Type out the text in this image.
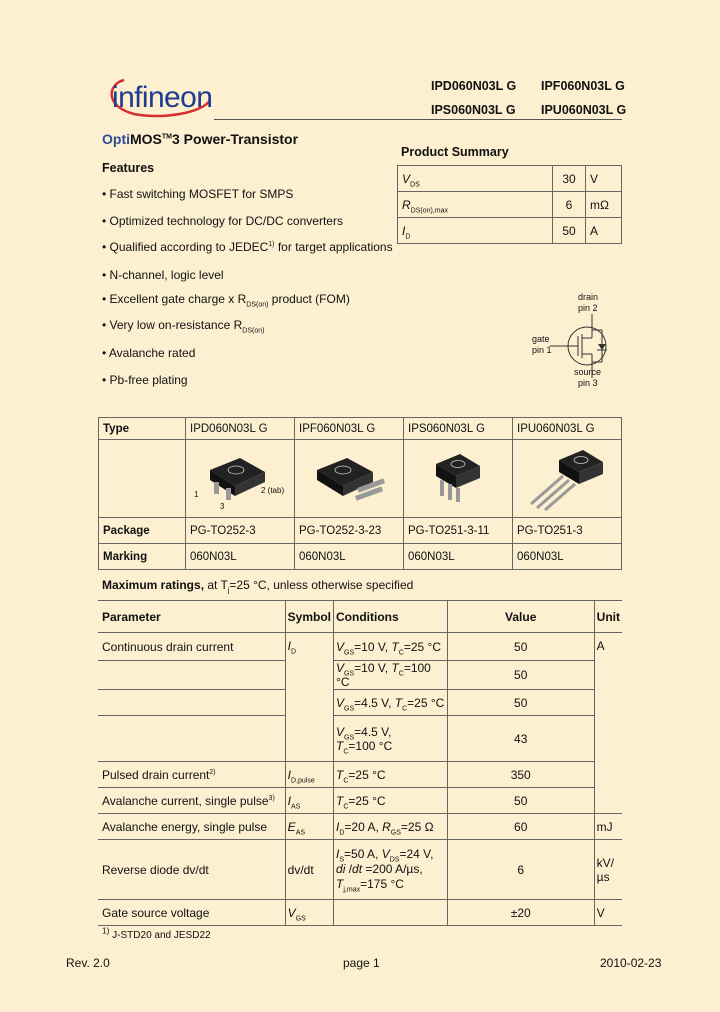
infineon	IPD060N03L G IPF060N03L G
IPS060N03L G IPU060N03L G
OptiMOS™3 Power-Transistor
Features
• Fast switching MOSFET for SMPS
• Optimized technology for DC/DC converters
• Qualified according to JEDEC$^{1)}$ for target applications
• N-channel, logic level
• Excellent gate charge x $R_{DS(on)}$ product (FOM)
• Very low on-resistance $R_{DS(on)}$
• Avalanche rated
• Pb-free plating
Product Summary
$V_{DS}$	30	V
$R_{DS(on),max}$	6	mΩ
$I_D$	50	A
drain
pin 2
gate
pin 1
source
pin 3
Type	IPD060N03L G	IPF060N03L G	IPS060N03L G	IPU060N03L G

	1
3
2 (tab)

Package	PG-TO252-3	PG-TO252-3-23	PG-TO251-3-11	PG-TO251-3
Marking	060N03L	060N03L	060N03L	060N03L
Maximum ratings, at $T_j=25$ °C, unless otherwise specified
Parameter	Symbol	Conditions	Value	Unit
Continuous drain current	$I_D$	$V_{GS}=10$ V, $T_C=25$ °C	50	A
		$V_{GS}=10$ V, $T_C=100$ °C	50	
		$V_{GS}=4.5$ V, $T_C=25$ °C	50	
		$V_{GS}=4.5$ V,
$T_C=100$ °C	43	
Pulsed drain current$^{2)}$	$I_{D,pulse}$	$T_C=25$ °C	350	
Avalanche current, single pulse$^{3)}$	$I_{AS}$	$T_C=25$ °C	50	
Avalanche energy, single pulse	$E_{AS}$	$I_D=20$ A, $R_{GS}=25$ Ω	60	mJ
Reverse diode dv/dt	dv/dt	$I_S=50$ A, $V_{DS}=24$ V,
di /dt =200 A/µs,
$T_{j,max}=175$ °C	6	kV/µs
Gate source voltage	$V_{GS}$		±20	V
$^{1)}$ J-STD20 and JESD22
Rev. 2.0	page 1	2010-02-23
